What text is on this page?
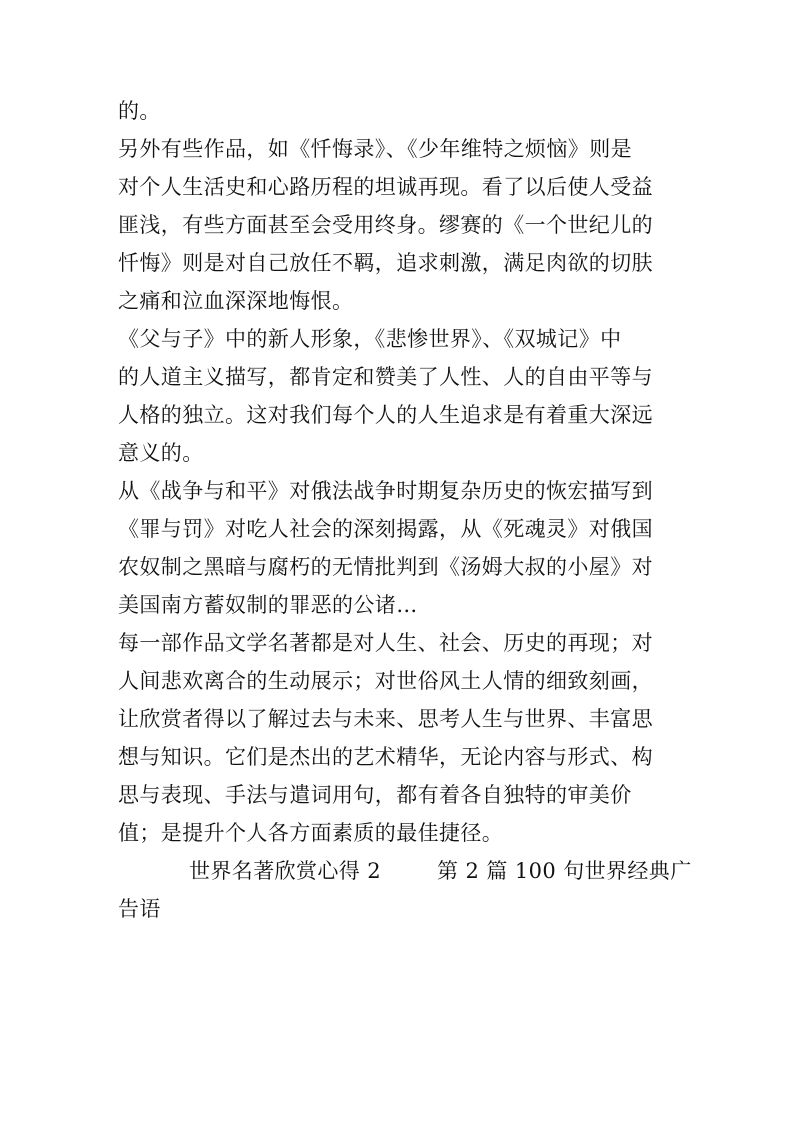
的。
另外有些作品，如《忏悔录》、《少年维特之烦恼》则是
对个人生活史和心路历程的坦诚再现。看了以后使人受益
匪浅，有些方面甚至会受用终身。缪赛的《一个世纪儿的
忏悔》则是对自己放任不羁，追求刺激，满足肉欲的切肤
之痛和泣血深深地悔恨。
《父与子》中的新人形象，《悲惨世界》、《双城记》中
的人道主义描写，都肯定和赞美了人性、人的自由平等与
人格的独立。这对我们每个人的人生追求是有着重大深远
意义的。
从《战争与和平》对俄法战争时期复杂历史的恢宏描写到
《罪与罚》对吃人社会的深刻揭露，从《死魂灵》对俄国
农奴制之黑暗与腐朽的无情批判到《汤姆大叔的小屋》对
美国南方蓄奴制的罪恶的公诸…
每一部作品文学名著都是对人生、社会、历史的再现；对
人间悲欢离合的生动展示；对世俗风土人情的细致刻画，
让欣赏者得以了解过去与未来、思考人生与世界、丰富思
想与知识。它们是杰出的艺术精华，无论内容与形式、构
思与表现、手法与遣词用句，都有着各自独特的审美价
值；是提升个人各方面素质的最佳捷径。
世界名著欣赏心得 2	第 2 篇 100 句世界经典广
告语
